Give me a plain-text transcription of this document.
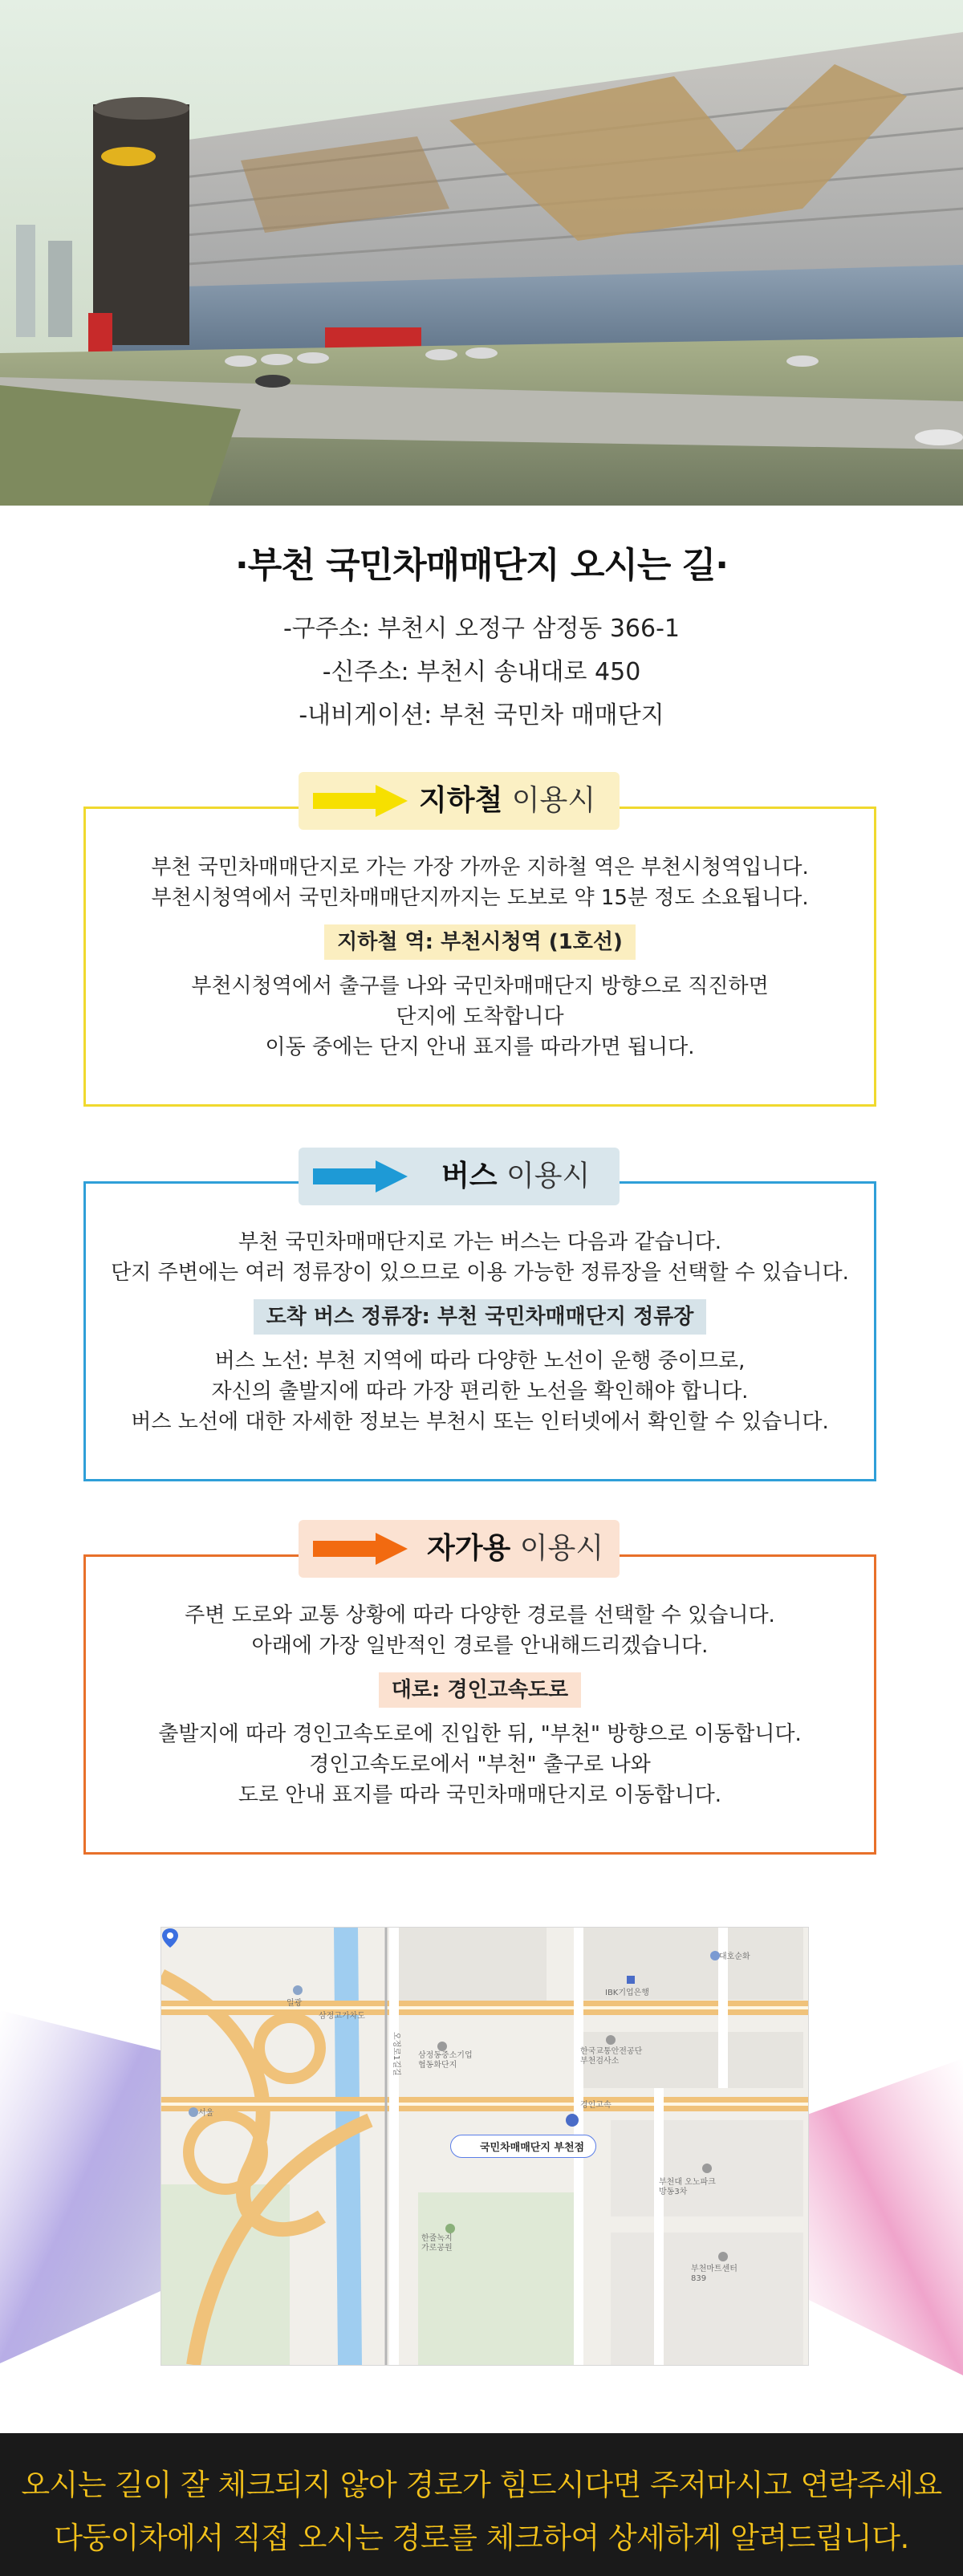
·부천 국민차매매단지 오시는 길·
-구주소: 부천시 오정구 삼정동 366-1
-신주소: 부천시 송내대로 450
-내비게이션: 부천 국민차 매매단지
부천 국민차매매단지로 가는 가장 가까운 지하철 역은 부천시청역입니다.
부천시청역에서 국민차매매단지까지는 도보로 약 15분 정도 소요됩니다.
지하철 역: 부천시청역 (1호선)
부천시청역에서 출구를 나와 국민차매매단지 방향으로 직진하면
단지에 도착합니다
이동 중에는 단지 안내 표지를 따라가면 됩니다.
지하철 이용시
부천 국민차매매단지로 가는 버스는 다음과 같습니다.
단지 주변에는 여러 정류장이 있으므로 이용 가능한 정류장을 선택할 수 있습니다.
도착 버스 정류장: 부천 국민차매매단지 정류장
버스 노선: 부천 지역에 따라 다양한 노선이 운행 중이므로,
자신의 출발지에 따라 가장 편리한 노선을 확인해야 합니다.
버스 노선에 대한 자세한 정보는 부천시 또는 인터넷에서 확인할 수 있습니다.
버스 이용시
주변 도로와 교통 상황에 따라 다양한 경로를 선택할 수 있습니다.
아래에 가장 일반적인 경로를 안내해드리겠습니다.
대로: 경인고속도로
출발지에 따라 경인고속도로에 진입한 뒤, "부천" 방향으로 이동합니다.
경인고속도로에서 "부천" 출구로 나와
도로 안내 표지를 따라 국민차매매단지로 이동합니다.
자가용 이용시
대호순화
IBK기업은행
일광
삼정고가차도
삼정동중소기업 협동화단지
한국교통안전공단 부천검사소
경인고속
서울
부천대 오노파크 방동3차
한줄녹지 가로공원
부천마트센터 839
오정로1길길
국민차매매단지 부천점
오시는 길이 잘 체크되지 않아 경로가 힘드시다면 주저마시고 연락주세요
다둥이차에서 직접 오시는 경로를 체크하여 상세하게 알려드립니다.
